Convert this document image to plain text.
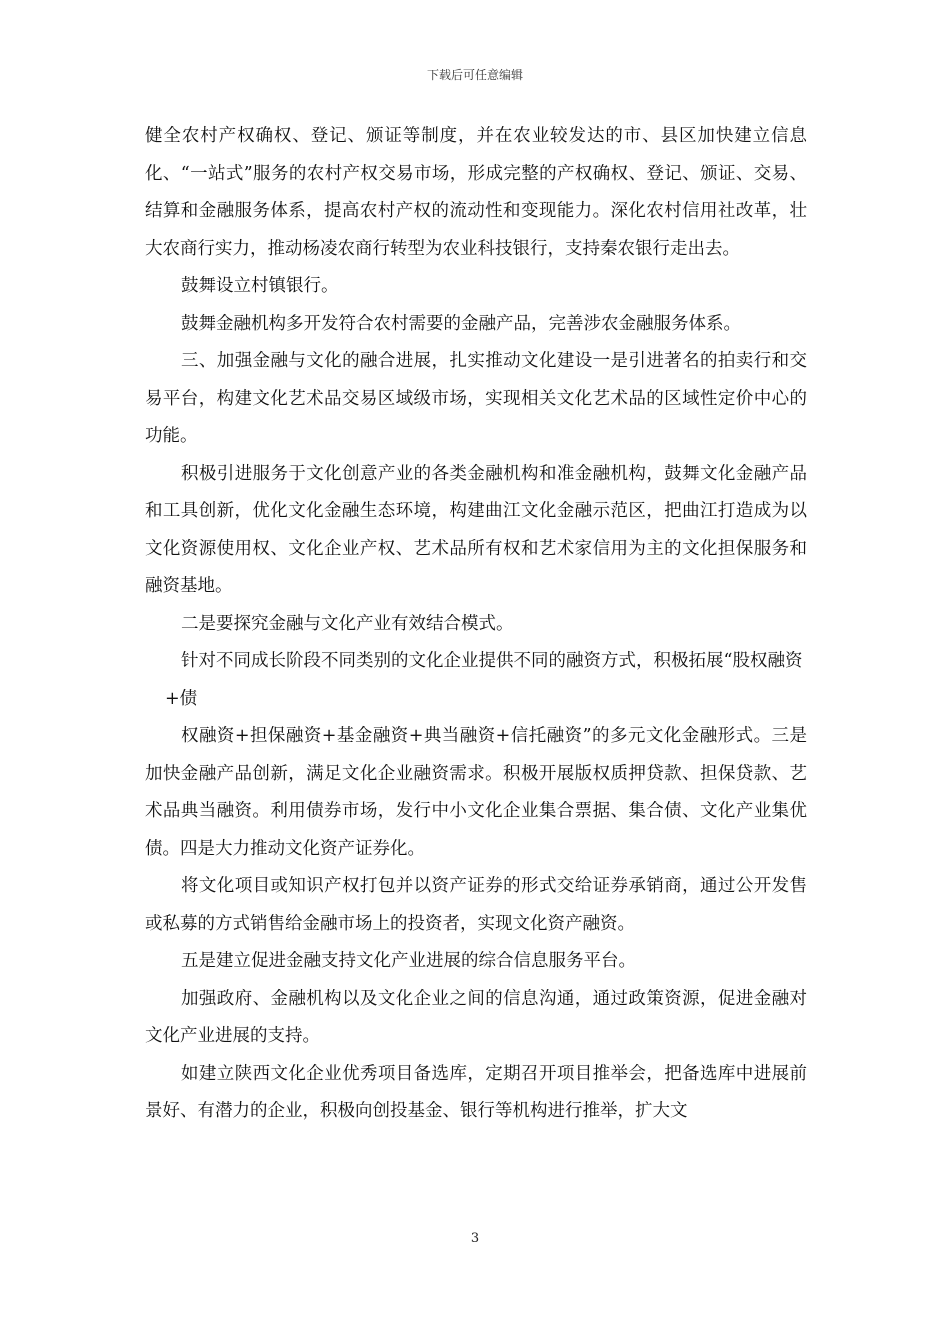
下载后可任意编辑

健全农村产权确权、登记、颁证等制度，并在农业较发达的市、县区加快建立信息化、“一站式”服务的农村产权交易市场，形成完整的产权确权、登记、颁证、交易、结算和金融服务体系，提高农村产权的流动性和变现能力。深化农村信用社改革，壮大农商行实力，推动杨凌农商行转型为农业科技银行，支持秦农银行走出去。

鼓舞设立村镇银行。

鼓舞金融机构多开发符合农村需要的金融产品，完善涉农金融服务体系。

三、加强金融与文化的融合进展，扎实推动文化建设一是引进著名的拍卖行和交易平台，构建文化艺术品交易区域级市场，实现相关文化艺术品的区域性定价中心的功能。

积极引进服务于文化创意产业的各类金融机构和准金融机构，鼓舞文化金融产品和工具创新，优化文化金融生态环境，构建曲江文化金融示范区，把曲江打造成为以文化资源使用权、文化企业产权、艺术品所有权和艺术家信用为主的文化担保服务和融资基地。

二是要探究金融与文化产业有效结合模式。

针对不同成长阶段不同类别的文化企业提供不同的融资方式，积极拓展“股权融资

+债

权融资+担保融资+基金融资+典当融资+信托融资”的多元文化金融形式。三是加快金融产品创新，满足文化企业融资需求。积极开展版权质押贷款、担保贷款、艺术品典当融资。利用债券市场，发行中小文化企业集合票据、集合债、文化产业集优债。四是大力推动文化资产证券化。

将文化项目或知识产权打包并以资产证券的形式交给证券承销商，通过公开发售或私募的方式销售给金融市场上的投资者，实现文化资产融资。

五是建立促进金融支持文化产业进展的综合信息服务平台。

加强政府、金融机构以及文化企业之间的信息沟通，通过政策资源，促进金融对文化产业进展的支持。

如建立陕西文化企业优秀项目备选库，定期召开项目推举会，把备选库中进展前景好、有潜力的企业，积极向创投基金、银行等机构进行推举，扩大文

3
